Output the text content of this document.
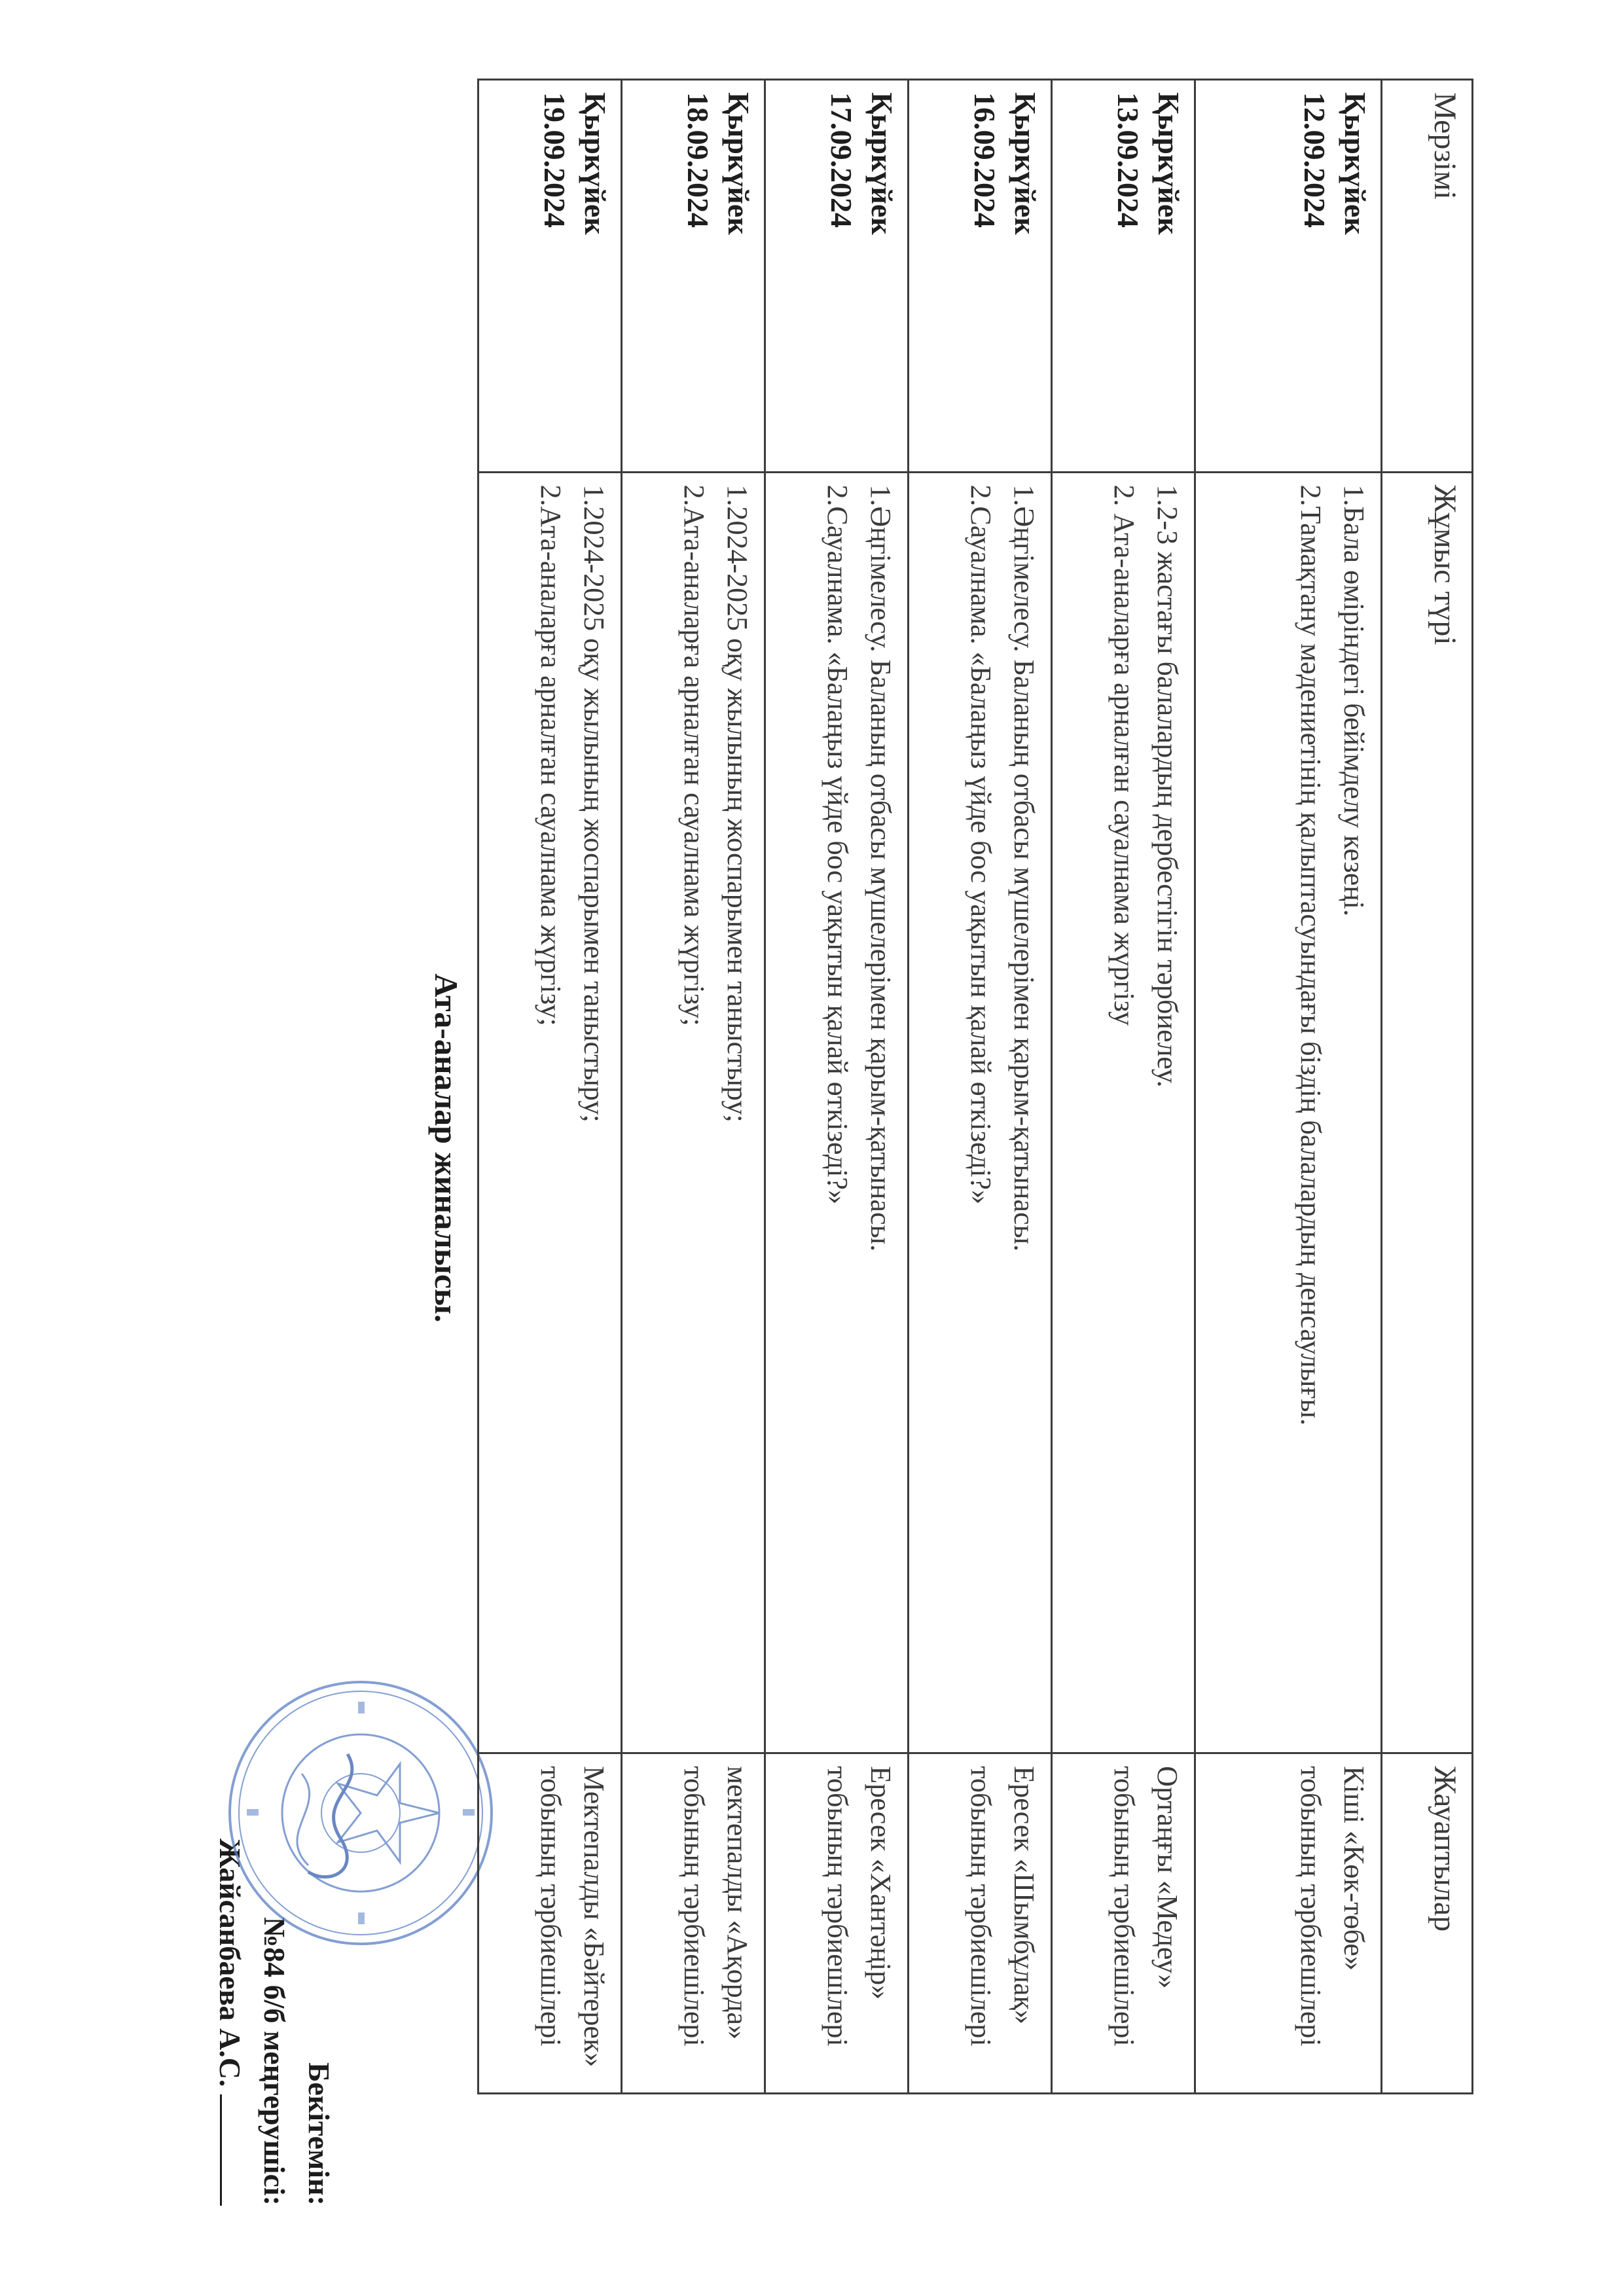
Бекітемін:
№84 б/б меңгерушісі:
Жайсанбаева А.С.
Ата-аналар жиналысы.
Мерзімі	Жұмыс түрі	Жауаптылар

Қыркүйек
12.09.2024	1.Бала өміріндегі бейімделу кезеңі.
2.Тамақтану мәдениетінің қалыптасуындағы біздің балалардың денсаулығы.	Кіші «Көк-төбе» тобының тәрбиешілері

Қыркүйек
13.09.2024	1.2-3 жастағы балалардың дербестігін тәрбиелеу.
2. Ата-аналарға арналған сауалнама жүргізу	Ортаңғы «Медеу» тобының тәрбиешілері

Қыркүйек
16.09.2024	1.Әңгімелесу. Баланың отбасы мүшелерімен қарым-қатынасы.
2.Сауалнама. «Балаңыз үйде бос уақытын қалай өткізеді?»	Ересек «Шымбұлақ» тобының тәрбиешілері

Қыркүйек
17.09.2024	1.Әңгімелесу. Баланың отбасы мүшелерімен қарым-қатынасы.
2.Сауалнама. «Балаңыз үйде бос уақытын қалай өткізеді?»	Ересек «Хантәңір» тобының тәрбиешілері

Қыркүйек
18.09.2024	1.2024-2025 оқу жылының жоспарымен таныстыру;
2.Ата-аналарға арналған сауалнама жүргізу;	мектепалды «Ақорда» тобының тәрбиешілері

Қыркүйек
19.09.2024	1.2024-2025 оқу жылының жоспарымен таныстыру;
2.Ата-аналарға арналған сауалнама жүргізу;	Мектепалды «Бәйтерек» тобының тәрбиешілері
